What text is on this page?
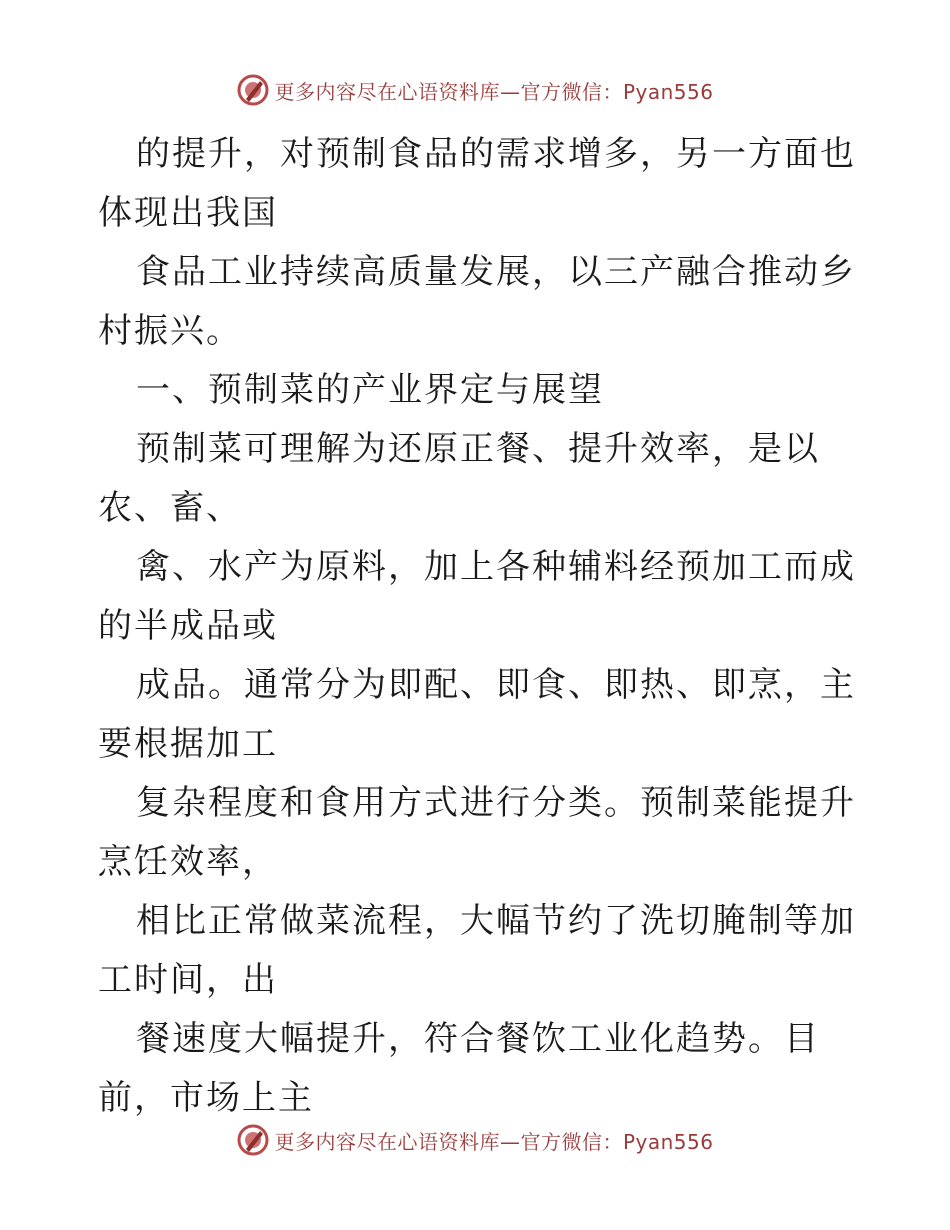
更多内容尽在心语资料库—官方微信：Pyan556

的提升，对预制食品的需求增多，另一方面也体现出我国

食品工业持续高质量发展，以三产融合推动乡村振兴。

一、预制菜的产业界定与展望

预制菜可理解为还原正餐、提升效率，是以农、畜、

禽、水产为原料，加上各种辅料经预加工而成的半成品或

成品。通常分为即配、即食、即热、即烹，主要根据加工

复杂程度和食用方式进行分类。预制菜能提升烹饪效率，

相比正常做菜流程，大幅节约了洗切腌制等加工时间，出

餐速度大幅提升，符合餐饮工业化趋势。目前，市场上主

更多内容尽在心语资料库—官方微信：Pyan556
